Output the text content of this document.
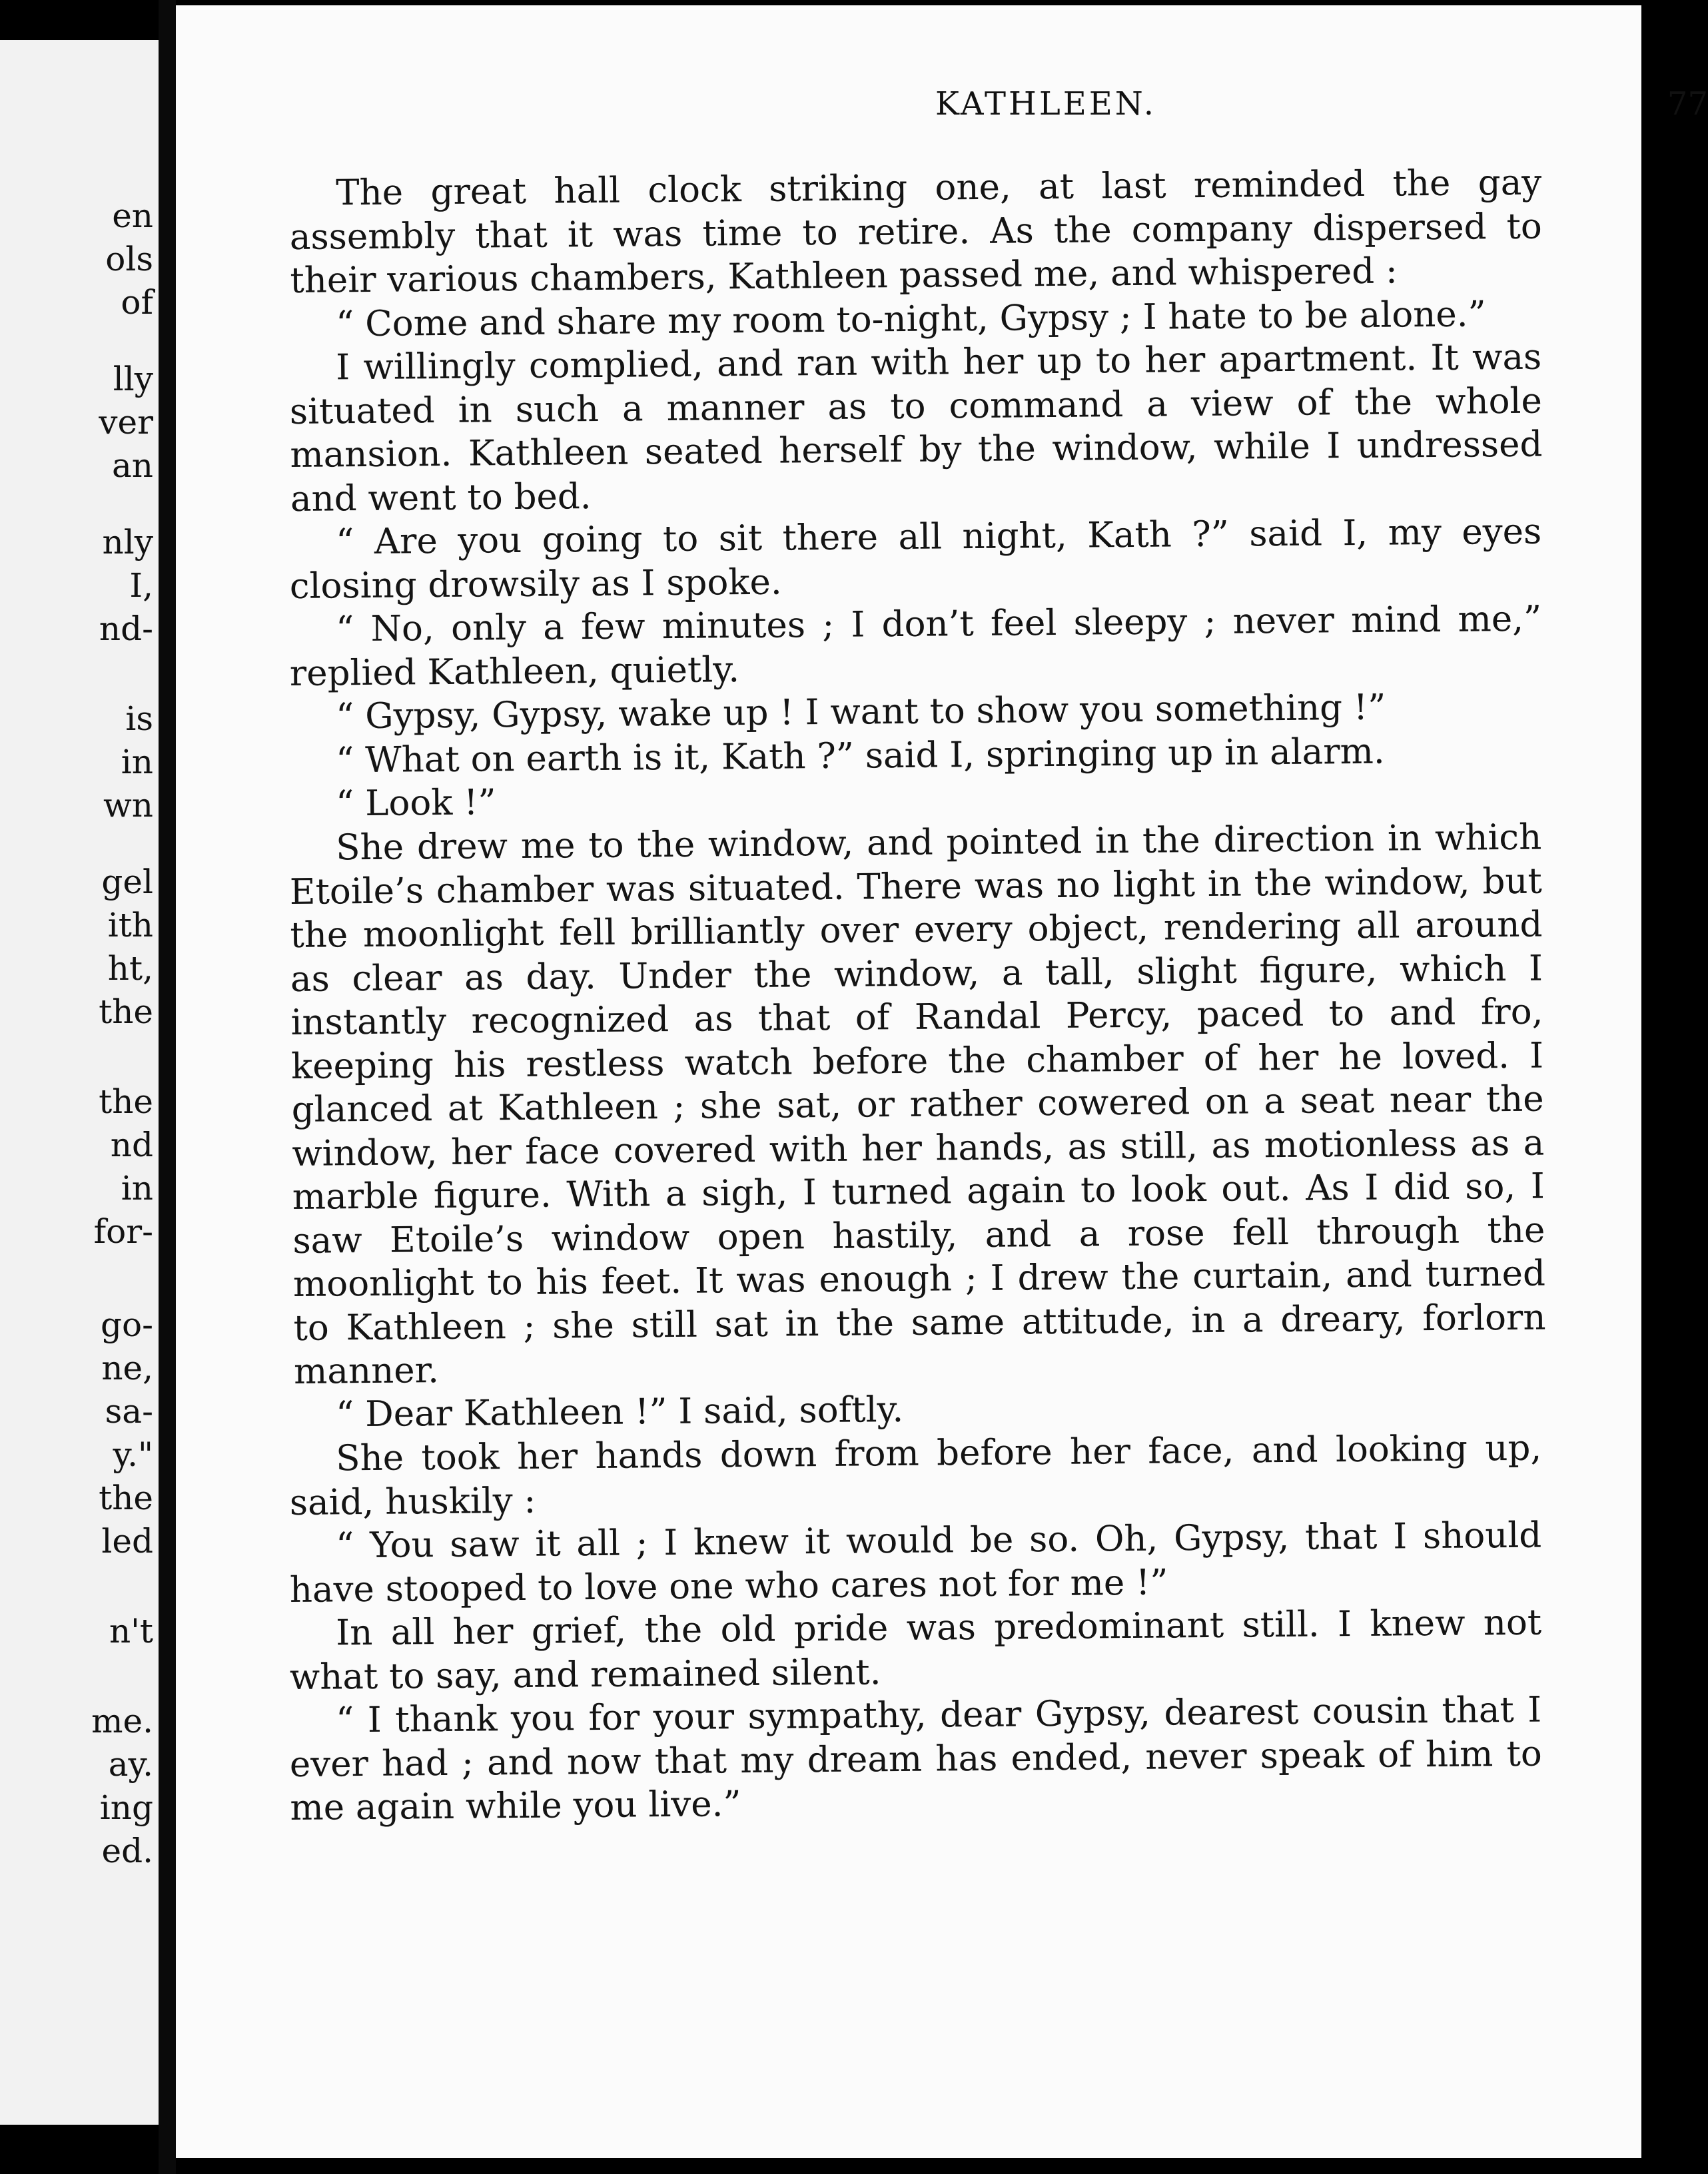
en
ols
of
lly
ver
an
nly
I,
nd-
is
in
wn
gel
ith
ht,
the
the
nd
in
for-
go-
ne,
sa-
y."
the
led
n't
me.
ay.
ing
ed.
KATHLEEN.	77

The great hall clock striking one, at last reminded the gay assembly that it was time to retire. As the company dispersed to their various chambers, Kathleen passed me, and whispered :

“ Come and share my room to-night, Gypsy ; I hate to be alone.”

I willingly complied, and ran with her up to her apartment. It was situated in such a manner as to command a view of the whole mansion. Kathleen seated herself by the window, while I undressed and went to bed.

“ Are you going to sit there all night, Kath ?” said I, my eyes closing drowsily as I spoke.

“ No, only a few minutes ; I don’t feel sleepy ; never mind me,” replied Kathleen, quietly.

“ Gypsy, Gypsy, wake up ! I want to show you something !”

“ What on earth is it, Kath ?” said I, springing up in alarm.

“ Look !”

She drew me to the window, and pointed in the direction in which Etoile’s chamber was situated. There was no light in the window, but the moonlight fell brilliantly over every object, rendering all around as clear as day. Under the window, a tall, slight figure, which I instantly recognized as that of Randal Percy, paced to and fro, keeping his restless watch before the chamber of her he loved. I glanced at Kathleen ; she sat, or rather cowered on a seat near the window, her face covered with her hands, as still, as motionless as a marble figure. With a sigh, I turned again to look out. As I did so, I saw Etoile’s window open hastily, and a rose fell through the moonlight to his feet. It was enough ; I drew the curtain, and turned to Kathleen ; she still sat in the same attitude, in a dreary, forlorn manner.

“ Dear Kathleen !” I said, softly.

She took her hands down from before her face, and looking up, said, huskily :

“ You saw it all ; I knew it would be so. Oh, Gypsy, that I should have stooped to love one who cares not for me !”

In all her grief, the old pride was predominant still. I knew not what to say, and remained silent.

“ I thank you for your sympathy, dear Gypsy, dearest cousin that I ever had ; and now that my dream has ended, never speak of him to me again while you live.”
